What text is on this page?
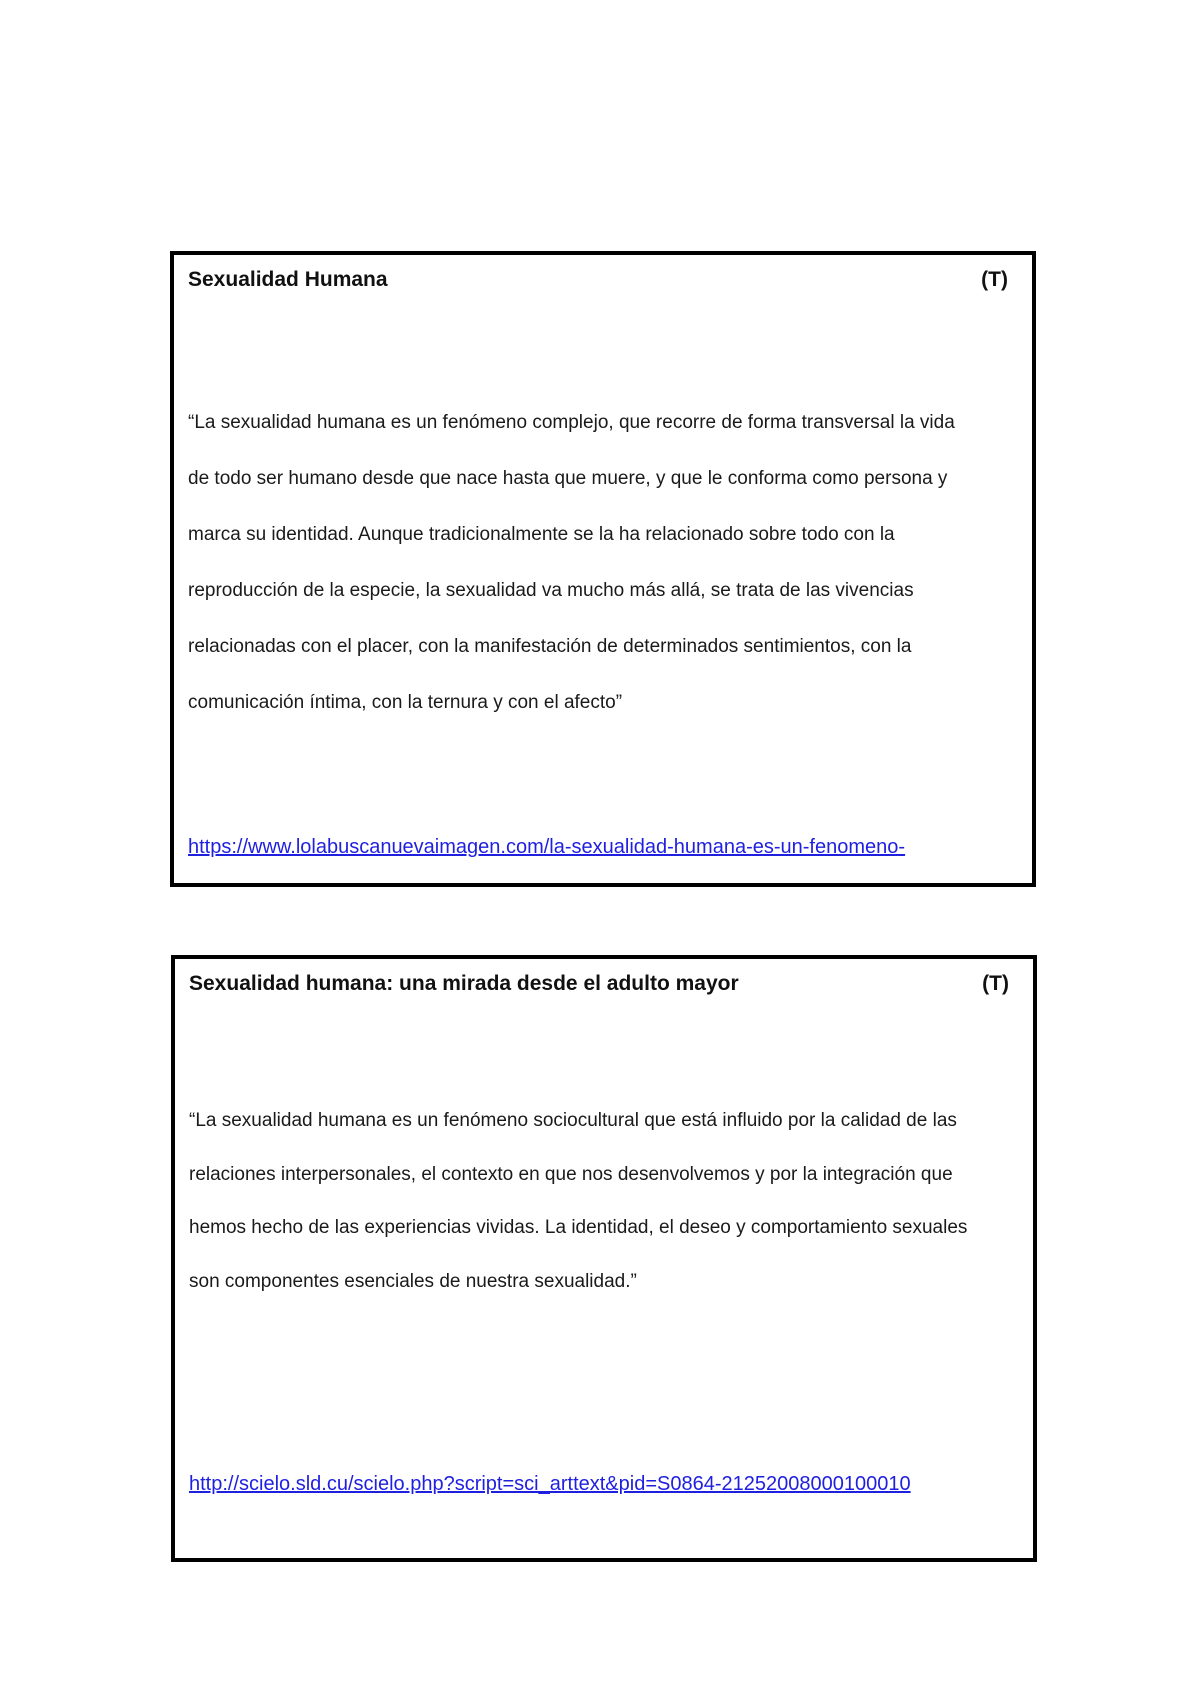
Sexualidad Humana	(T)

“La sexualidad humana es un fenómeno complejo, que recorre de forma transversal la vida
de todo ser humano desde que nace hasta que muere, y que le conforma como persona y
marca su identidad. Aunque tradicionalmente se la ha relacionado sobre todo con la
reproducción de la especie, la sexualidad va mucho más allá, se trata de las vivencias
relacionadas con el placer, con la manifestación de determinados sentimientos, con la
comunicación íntima, con la ternura y con el afecto”

https://www.lolabuscanuevaimagen.com/la-sexualidad-humana-es-un-fenomeno-
Sexualidad humana: una mirada desde el adulto mayor	(T)

“La sexualidad humana es un fenómeno sociocultural que está influido por la calidad de las
relaciones interpersonales, el contexto en que nos desenvolvemos y por la integración que
hemos hecho de las experiencias vividas. La identidad, el deseo y comportamiento sexuales
son componentes esenciales de nuestra sexualidad.”

http://scielo.sld.cu/scielo.php?script=sci_arttext&pid=S0864-21252008000100010
